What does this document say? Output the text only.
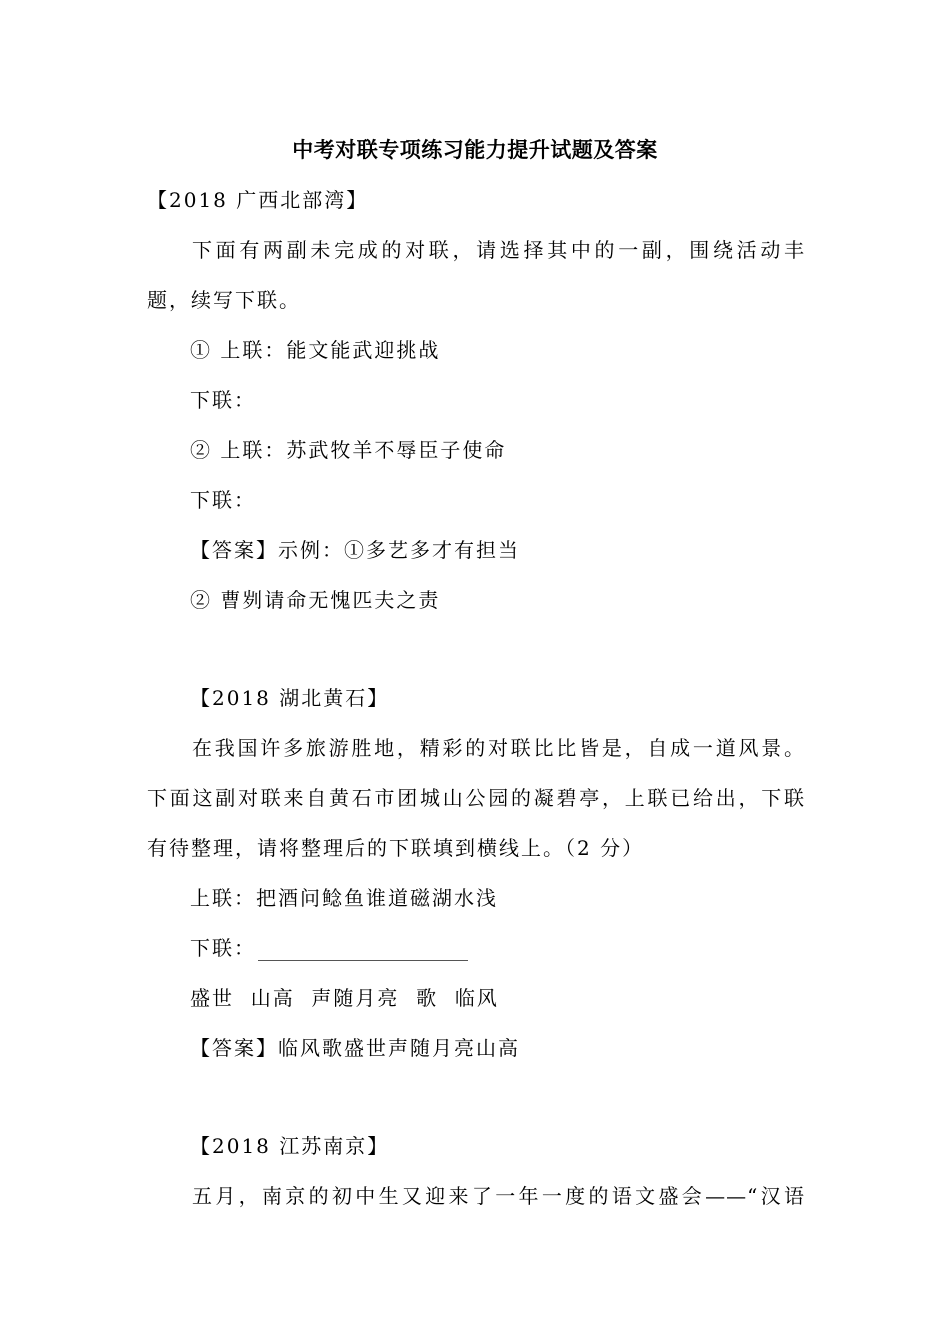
中考对联专项练习能力提升试题及答案
【2018 广西北部湾】
下面有两副未完成的对联，请选择其中的一副，围绕活动丰
题，续写下联。
① 上联：能文能武迎挑战
下联：
② 上联：苏武牧羊不辱臣子使命
下联：
【答案】示例：①多艺多才有担当
② 曹刿请命无愧匹夫之责
【2018 湖北黄石】
在我国许多旅游胜地，精彩的对联比比皆是，自成一道风景。
下面这副对联来自黄石市团城山公园的凝碧亭，上联已给出，下联
有待整理，请将整理后的下联填到横线上。（2 分）
上联：把酒问鲶鱼谁道磁湖水浅
下联：
盛世  山高  声随月亮  歌  临风
【答案】临风歌盛世声随月亮山高
【2018 江苏南京】
五月，南京的初中生又迎来了一年一度的语文盛会——“汉语
